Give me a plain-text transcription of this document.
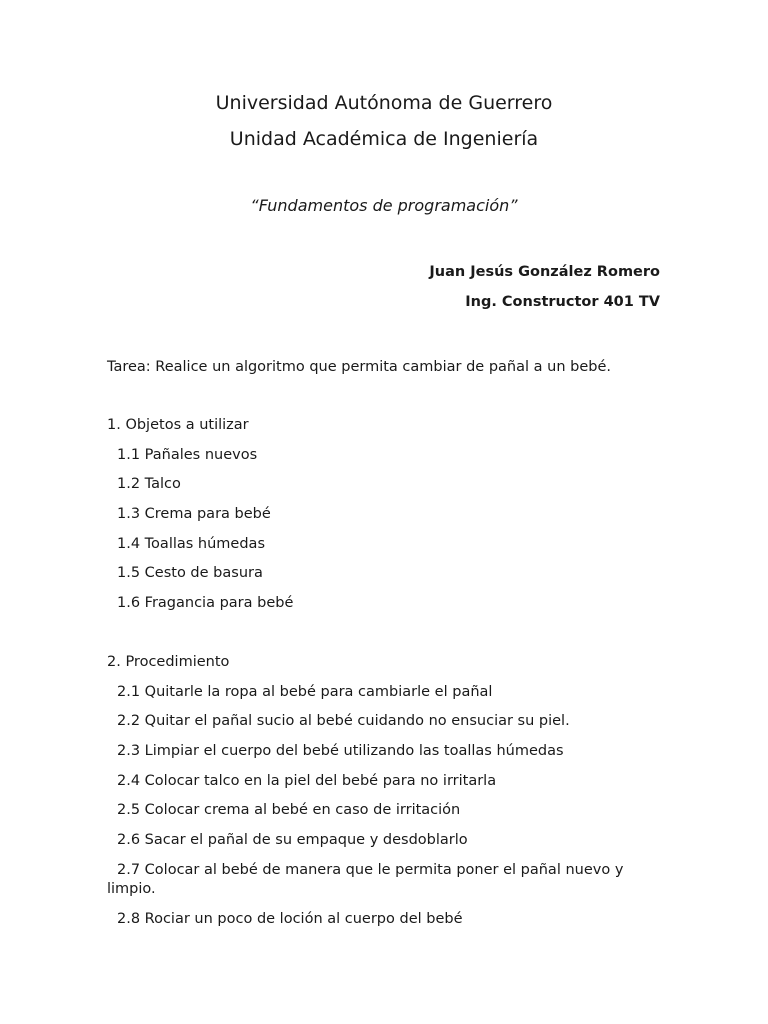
Universidad Autónoma de Guerrero
Unidad Académica de Ingeniería
“Fundamentos de programación”
Juan Jesús González Romero
Ing. Constructor 401 TV
Tarea: Realice un algoritmo que permita cambiar de pañal a un bebé.
1. Objetos a utilizar
1.1 Pañales nuevos
1.2 Talco
1.3 Crema para bebé
1.4 Toallas húmedas
1.5 Cesto de basura
1.6 Fragancia para bebé
2. Procedimiento
2.1 Quitarle la ropa al bebé para cambiarle el pañal
2.2 Quitar el pañal sucio al bebé cuidando no ensuciar su piel.
2.3 Limpiar el cuerpo del bebé utilizando las toallas húmedas
2.4 Colocar talco en la piel del bebé para no irritarla
2.5 Colocar crema al bebé en caso de irritación
2.6 Sacar el pañal de su empaque y desdoblarlo
2.7 Colocar al bebé de manera que le permita poner el pañal nuevo y limpio.
2.8 Rociar un poco de loción al cuerpo del bebé
